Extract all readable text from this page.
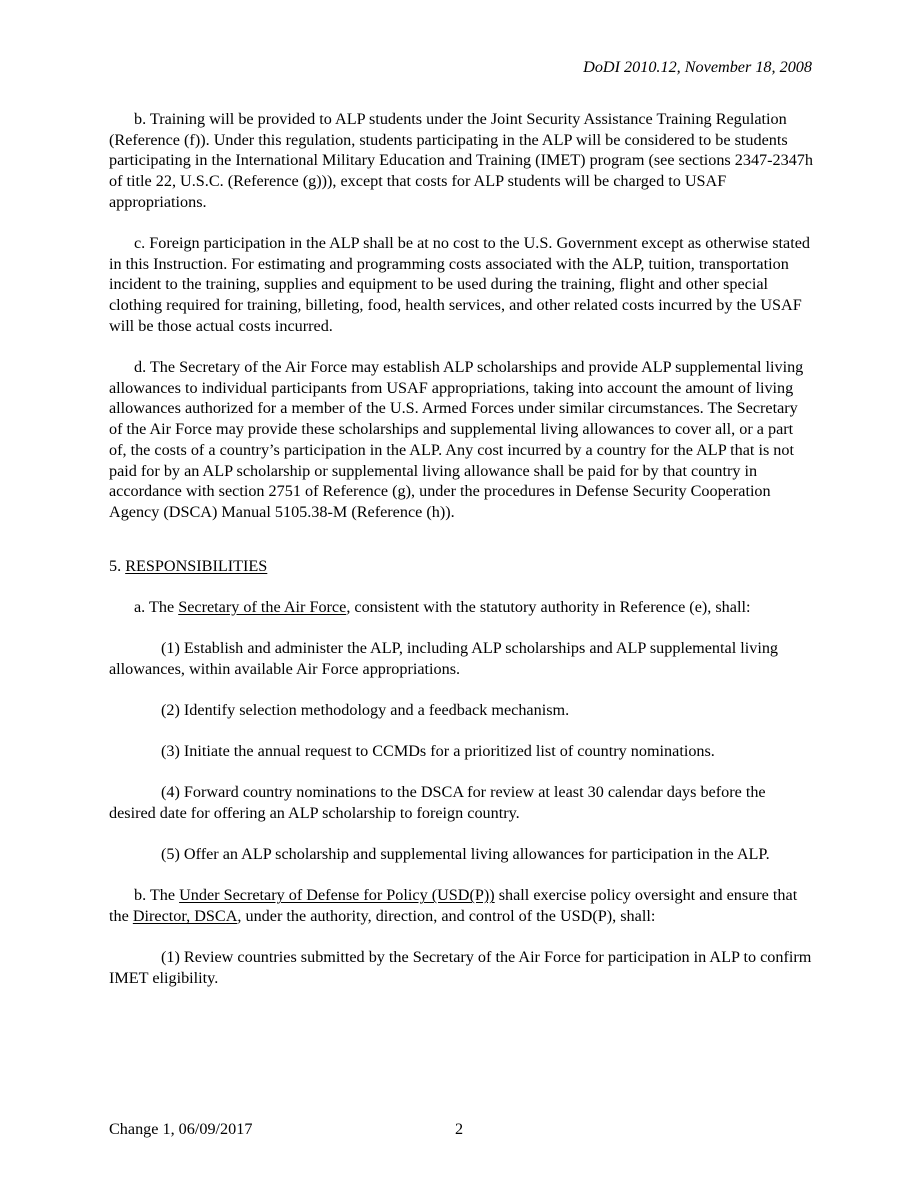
DoDI 2010.12, November 18, 2008

b. Training will be provided to ALP students under the Joint Security Assistance Training Regulation (Reference (f)). Under this regulation, students participating in the ALP will be considered to be students participating in the International Military Education and Training (IMET) program (see sections 2347-2347h of title 22, U.S.C. (Reference (g))), except that costs for ALP students will be charged to USAF appropriations.

c. Foreign participation in the ALP shall be at no cost to the U.S. Government except as otherwise stated in this Instruction. For estimating and programming costs associated with the ALP, tuition, transportation incident to the training, supplies and equipment to be used during the training, flight and other special clothing required for training, billeting, food, health services, and other related costs incurred by the USAF will be those actual costs incurred.

d. The Secretary of the Air Force may establish ALP scholarships and provide ALP supplemental living allowances to individual participants from USAF appropriations, taking into account the amount of living allowances authorized for a member of the U.S. Armed Forces under similar circumstances. The Secretary of the Air Force may provide these scholarships and supplemental living allowances to cover all, or a part of, the costs of a country’s participation in the ALP. Any cost incurred by a country for the ALP that is not paid for by an ALP scholarship or supplemental living allowance shall be paid for by that country in accordance with section 2751 of Reference (g), under the procedures in Defense Security Cooperation Agency (DSCA) Manual 5105.38-M (Reference (h)).

5. RESPONSIBILITIES

a. The Secretary of the Air Force, consistent with the statutory authority in Reference (e), shall:

(1) Establish and administer the ALP, including ALP scholarships and ALP supplemental living allowances, within available Air Force appropriations.

(2) Identify selection methodology and a feedback mechanism.

(3) Initiate the annual request to CCMDs for a prioritized list of country nominations.

(4) Forward country nominations to the DSCA for review at least 30 calendar days before the desired date for offering an ALP scholarship to foreign country.

(5) Offer an ALP scholarship and supplemental living allowances for participation in the ALP.

b. The Under Secretary of Defense for Policy (USD(P)) shall exercise policy oversight and ensure that the Director, DSCA, under the authority, direction, and control of the USD(P), shall:

(1) Review countries submitted by the Secretary of the Air Force for participation in ALP to confirm IMET eligibility.

Change 1, 06/09/2017	2
